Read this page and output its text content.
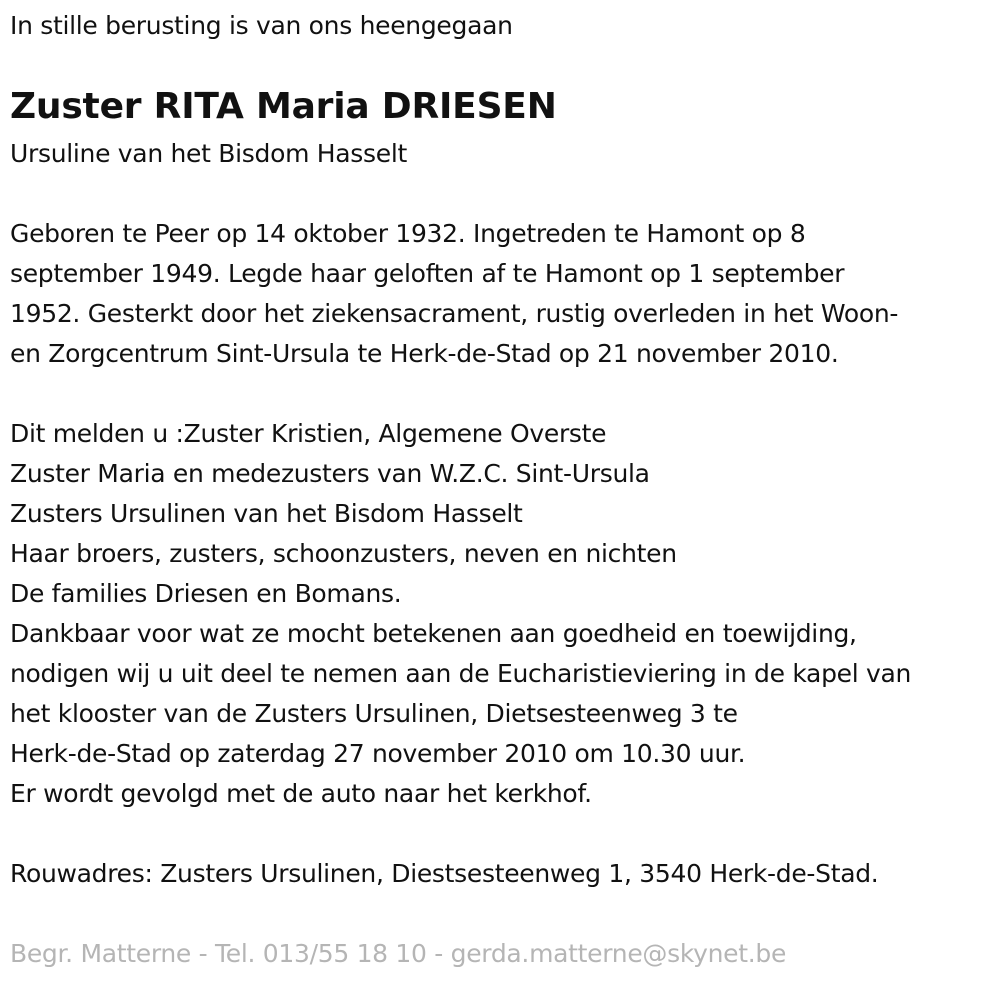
In stille berusting is van ons heengegaan
Zuster RITA Maria DRIESEN
Ursuline van het Bisdom Hasselt
Geboren te Peer op 14 oktober 1932. Ingetreden te Hamont op 8
september 1949. Legde haar geloften af te Hamont op 1 september
1952. Gesterkt door het ziekensacrament, rustig overleden in het Woon-
en Zorgcentrum Sint-Ursula te Herk-de-Stad op 21 november 2010.
Dit melden u :Zuster Kristien, Algemene Overste
Zuster Maria en medezusters van W.Z.C. Sint-Ursula
Zusters Ursulinen van het Bisdom Hasselt
Haar broers, zusters, schoonzusters, neven en nichten
De families Driesen en Bomans.
Dankbaar voor wat ze mocht betekenen aan goedheid en toewijding,
nodigen wij u uit deel te nemen aan de Eucharistieviering in de kapel van
het klooster van de Zusters Ursulinen, Dietsesteenweg 3 te
Herk-de-Stad op zaterdag 27 november 2010 om 10.30 uur.
Er wordt gevolgd met de auto naar het kerkhof.
Rouwadres: Zusters Ursulinen, Diestsesteenweg 1, 3540 Herk-de-Stad.
Begr. Matterne - Tel. 013/55 18 10 - gerda.matterne@skynet.be
